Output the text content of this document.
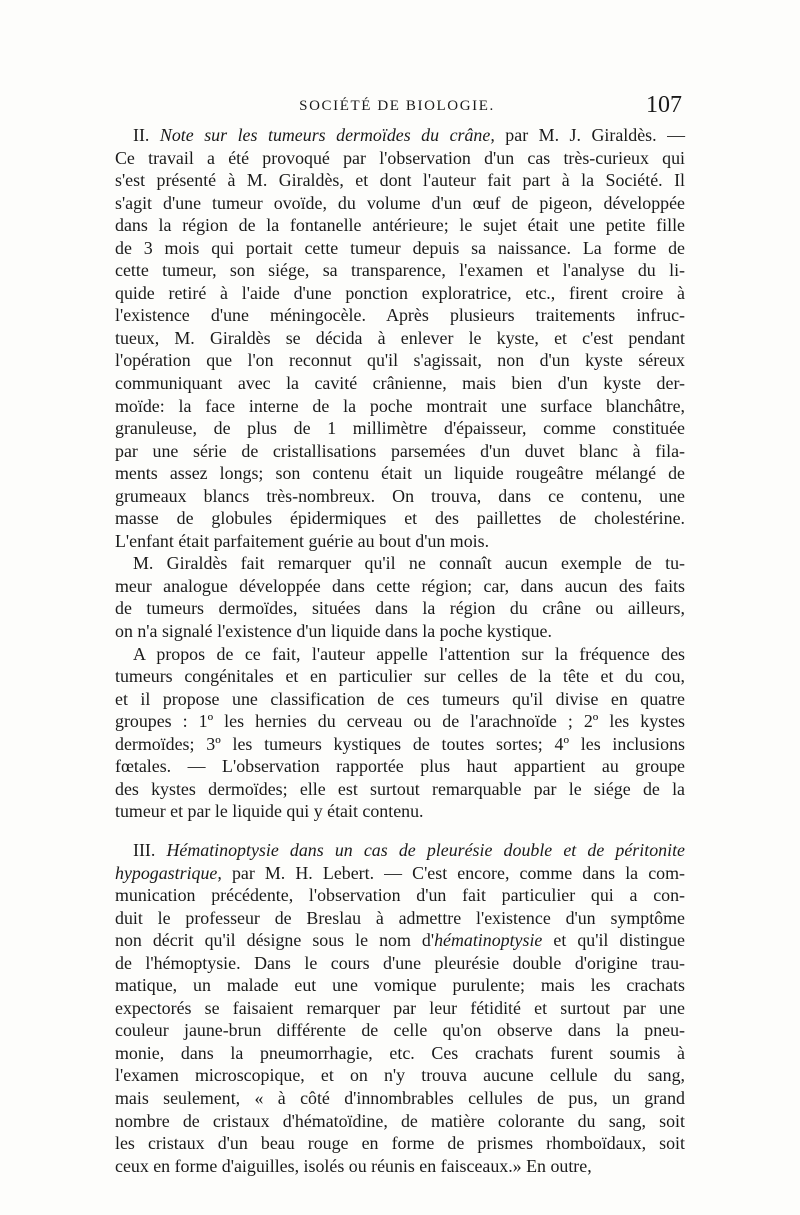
SOCIÉTÉ DE BIOLOGIE.	107

II. Note sur les tumeurs dermoïdes du crâne, par M. J. Giraldès. —
Ce travail a été provoqué par l'observation d'un cas très-curieux qui
s'est présenté à M. Giraldès, et dont l'auteur fait part à la Société. Il
s'agit d'une tumeur ovoïde, du volume d'un œuf de pigeon, développée
dans la région de la fontanelle antérieure; le sujet était une petite fille
de 3 mois qui portait cette tumeur depuis sa naissance. La forme de
cette tumeur, son siége, sa transparence, l'examen et l'analyse du li-
quide retiré à l'aide d'une ponction exploratrice, etc., firent croire à
l'existence d'une méningocèle. Après plusieurs traitements infruc-
tueux, M. Giraldès se décida à enlever le kyste, et c'est pendant
l'opération que l'on reconnut qu'il s'agissait, non d'un kyste séreux
communiquant avec la cavité crânienne, mais bien d'un kyste der-
moïde: la face interne de la poche montrait une surface blanchâtre,
granuleuse, de plus de 1 millimètre d'épaisseur, comme constituée
par une série de cristallisations parsemées d'un duvet blanc à fila-
ments assez longs; son contenu était un liquide rougeâtre mélangé de
grumeaux blancs très-nombreux. On trouva, dans ce contenu, une
masse de globules épidermiques et des paillettes de cholestérine.
L'enfant était parfaitement guérie au bout d'un mois.

M. Giraldès fait remarquer qu'il ne connaît aucun exemple de tu-
meur analogue développée dans cette région; car, dans aucun des faits
de tumeurs dermoïdes, situées dans la région du crâne ou ailleurs,
on n'a signalé l'existence d'un liquide dans la poche kystique.

A propos de ce fait, l'auteur appelle l'attention sur la fréquence des
tumeurs congénitales et en particulier sur celles de la tête et du cou,
et il propose une classification de ces tumeurs qu'il divise en quatre
groupes : 1º les hernies du cerveau ou de l'arachnoïde ; 2º les kystes
dermoïdes; 3º les tumeurs kystiques de toutes sortes; 4º les inclusions
fœtales. — L'observation rapportée plus haut appartient au groupe
des kystes dermoïdes; elle est surtout remarquable par le siége de la
tumeur et par le liquide qui y était contenu.

III. Hématinoptysie dans un cas de pleurésie double et de péritonite
hypogastrique, par M. H. Lebert. — C'est encore, comme dans la com-
munication précédente, l'observation d'un fait particulier qui a con-
duit le professeur de Breslau à admettre l'existence d'un symptôme
non décrit qu'il désigne sous le nom d'hématinoptysie et qu'il distingue
de l'hémoptysie. Dans le cours d'une pleurésie double d'origine trau-
matique, un malade eut une vomique purulente; mais les crachats
expectorés se faisaient remarquer par leur fétidité et surtout par une
couleur jaune-brun différente de celle qu'on observe dans la pneu-
monie, dans la pneumorrhagie, etc. Ces crachats furent soumis à
l'examen microscopique, et on n'y trouva aucune cellule du sang,
mais seulement, « à côté d'innombrables cellules de pus, un grand
nombre de cristaux d'hématoïdine, de matière colorante du sang, soit
les cristaux d'un beau rouge en forme de prismes rhomboïdaux, soit
ceux en forme d'aiguilles, isolés ou réunis en faisceaux.» En outre,
